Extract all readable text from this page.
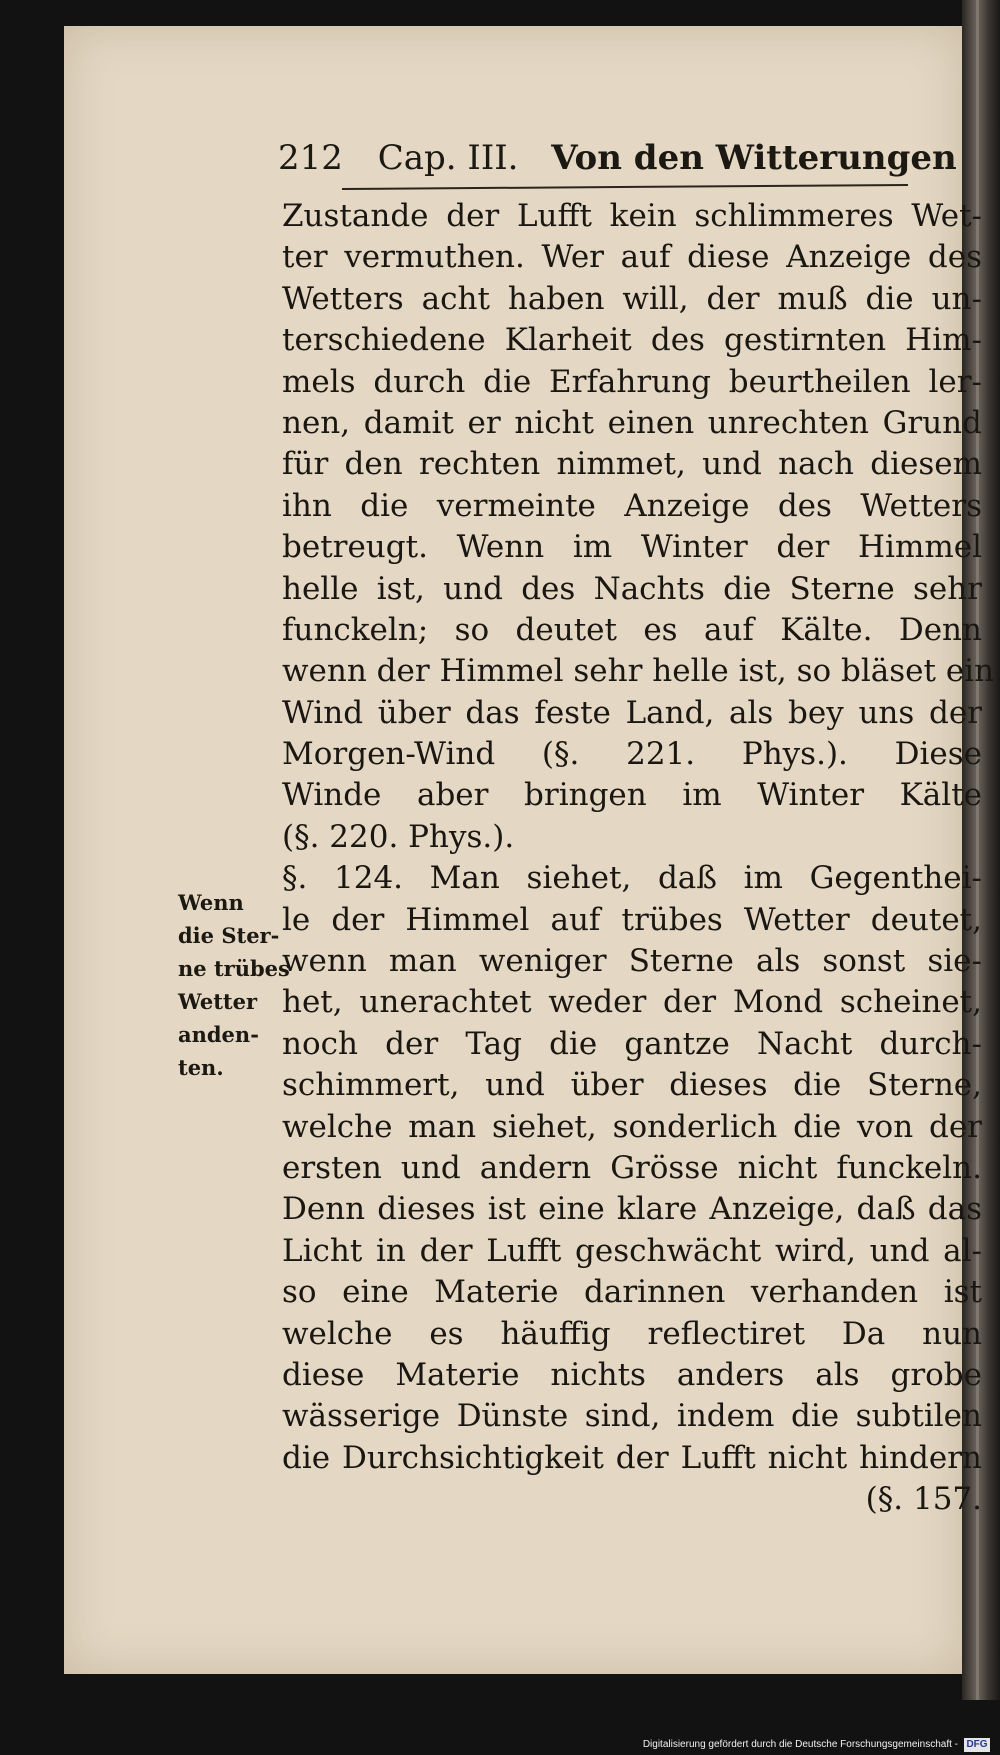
212 Cap. III. Von den Witterungen
Wenn
die Ster-
ne trübes
Wetter
anden-
ten.
Zustande der Lufft kein schlimmeres Wet-
ter vermuthen. Wer auf diese Anzeige des
Wetters acht haben will, der muß die un-
terschiedene Klarheit des gestirnten Him-
mels durch die Erfahrung beurtheilen ler-
nen, damit er nicht einen unrechten Grund
für den rechten nimmet, und nach diesem
ihn die vermeinte Anzeige des Wetters
betreugt. Wenn im Winter der Himmel
helle ist, und des Nachts die Sterne sehr
funckeln; so deutet es auf Kälte. Denn
wenn der Himmel sehr helle ist, so bläset ein
Wind über das feste Land, als bey uns der
Morgen-Wind (§. 221. Phys.). Diese
Winde aber bringen im Winter Kälte
(§. 220. Phys.).
§. 124. Man siehet, daß im Gegenthei-
le der Himmel auf trübes Wetter deutet,
wenn man weniger Sterne als sonst sie-
het, unerachtet weder der Mond scheinet,
noch der Tag die gantze Nacht durch-
schimmert, und über dieses die Sterne,
welche man siehet, sonderlich die von der
ersten und andern Grösse nicht funckeln.
Denn dieses ist eine klare Anzeige, daß das
Licht in der Lufft geschwächt wird, und al-
so eine Materie darinnen verhanden ist
welche es häuffig reflectiret Da nun
diese Materie nichts anders als grobe
wässerige Dünste sind, indem die subtilen
die Durchsichtigkeit der Lufft nicht hindern
(§. 157.
Digitalisierung gefördert durch die Deutsche Forschungsgemeinschaft - DFG
